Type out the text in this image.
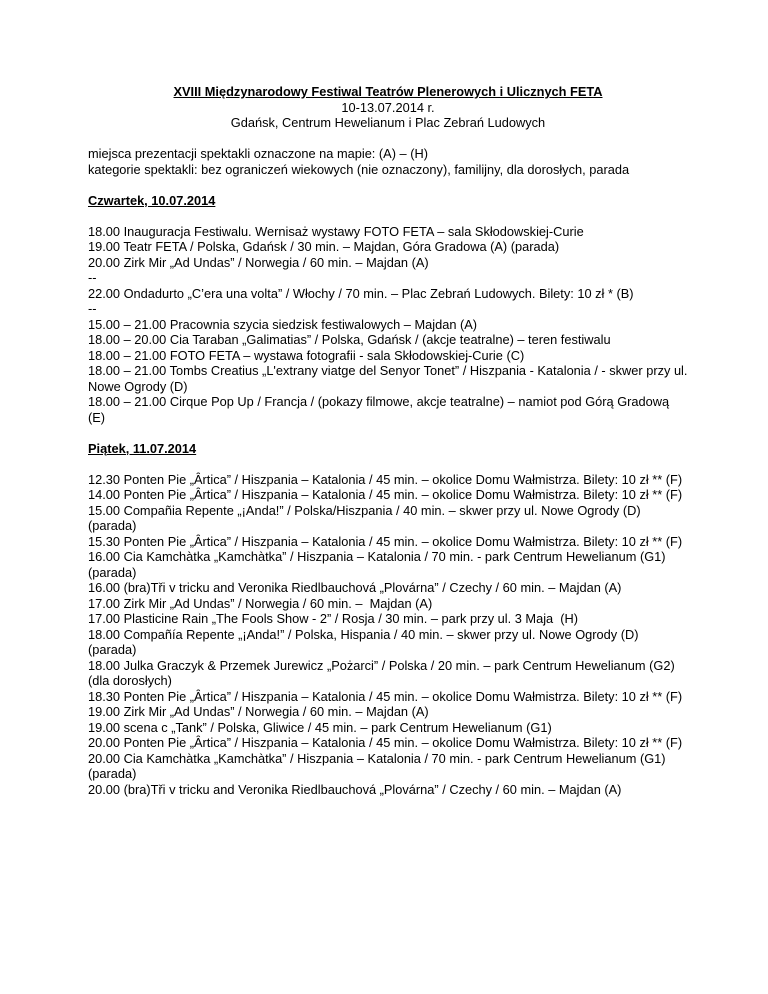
XVIII Międzynarodowy Festiwal Teatrów Plenerowych i Ulicznych FETA
10-13.07.2014 r.
Gdańsk, Centrum Hewelianum i Plac Zebrań Ludowych
miejsca prezentacji spektakli oznaczone na mapie: (A) – (H)
kategorie spektakli: bez ograniczeń wiekowych (nie oznaczony), familijny, dla dorosłych, parada
Czwartek, 10.07.2014
18.00 Inauguracja Festiwalu. Wernisaż wystawy FOTO FETA – sala Skłodowskiej-Curie
19.00 Teatr FETA / Polska, Gdańsk / 30 min. – Majdan, Góra Gradowa (A) (parada)
20.00 Zirk Mir „Ad Undas” / Norwegia / 60 min. – Majdan (A)
--
22.00 Ondadurto „C’era una volta” / Włochy / 70 min. – Plac Zebrań Ludowych. Bilety: 10 zł * (B)
--
15.00 – 21.00 Pracownia szycia siedzisk festiwalowych – Majdan (A)
18.00 – 20.00 Cia Taraban „Galimatias” / Polska, Gdańsk / (akcje teatralne) – teren festiwalu
18.00 – 21.00 FOTO FETA – wystawa fotografii - sala Skłodowskiej-Curie (C)
18.00 – 21.00 Tombs Creatius „L'extrany viatge del Senyor Tonet” / Hiszpania - Katalonia / - skwer przy ul. Nowe Ogrody (D)
18.00 – 21.00 Cirque Pop Up / Francja / (pokazy filmowe, akcje teatralne) – namiot pod Górą Gradową (E)
Piątek, 11.07.2014
12.30 Ponten Pie „Ȃrtica” / Hiszpania – Katalonia / 45 min. – okolice Domu Wałmistrza. Bilety: 10 zł ** (F)
14.00 Ponten Pie „Ȃrtica” / Hiszpania – Katalonia / 45 min. – okolice Domu Wałmistrza. Bilety: 10 zł ** (F)
15.00 Compañia Repente „¡Anda!” / Polska/Hiszpania / 40 min. – skwer przy ul. Nowe Ogrody (D) (parada)
15.30 Ponten Pie „Ȃrtica” / Hiszpania – Katalonia / 45 min. – okolice Domu Wałmistrza. Bilety: 10 zł ** (F)
16.00 Cia Kamchàtka „Kamchàtka” / Hiszpania – Katalonia / 70 min. - park Centrum Hewelianum (G1) (parada)
16.00 (bra)Tři v tricku and Veronika Riedlbauchová „Plovárna” / Czechy / 60 min. – Majdan (A)
17.00 Zirk Mir „Ad Undas” / Norwegia / 60 min. –  Majdan (A)
17.00 Plasticine Rain „The Fools Show - 2” / Rosja / 30 min. – park przy ul. 3 Maja  (H)
18.00 Compañía Repente „¡Anda!” / Polska, Hispania / 40 min. – skwer przy ul. Nowe Ogrody (D) (parada)
18.00 Julka Graczyk & Przemek Jurewicz „Pożarci” / Polska / 20 min. – park Centrum Hewelianum (G2) (dla dorosłych)
18.30 Ponten Pie „Ȃrtica” / Hiszpania – Katalonia / 45 min. – okolice Domu Wałmistrza. Bilety: 10 zł ** (F)
19.00 Zirk Mir „Ad Undas” / Norwegia / 60 min. – Majdan (A)
19.00 scena c „Tank” / Polska, Gliwice / 45 min. – park Centrum Hewelianum (G1)
20.00 Ponten Pie „Ȃrtica” / Hiszpania – Katalonia / 45 min. – okolice Domu Wałmistrza. Bilety: 10 zł ** (F)
20.00 Cia Kamchàtka „Kamchàtka” / Hiszpania – Katalonia / 70 min. - park Centrum Hewelianum (G1) (parada)
20.00 (bra)Tři v tricku and Veronika Riedlbauchová „Plovárna” / Czechy / 60 min. – Majdan (A)
